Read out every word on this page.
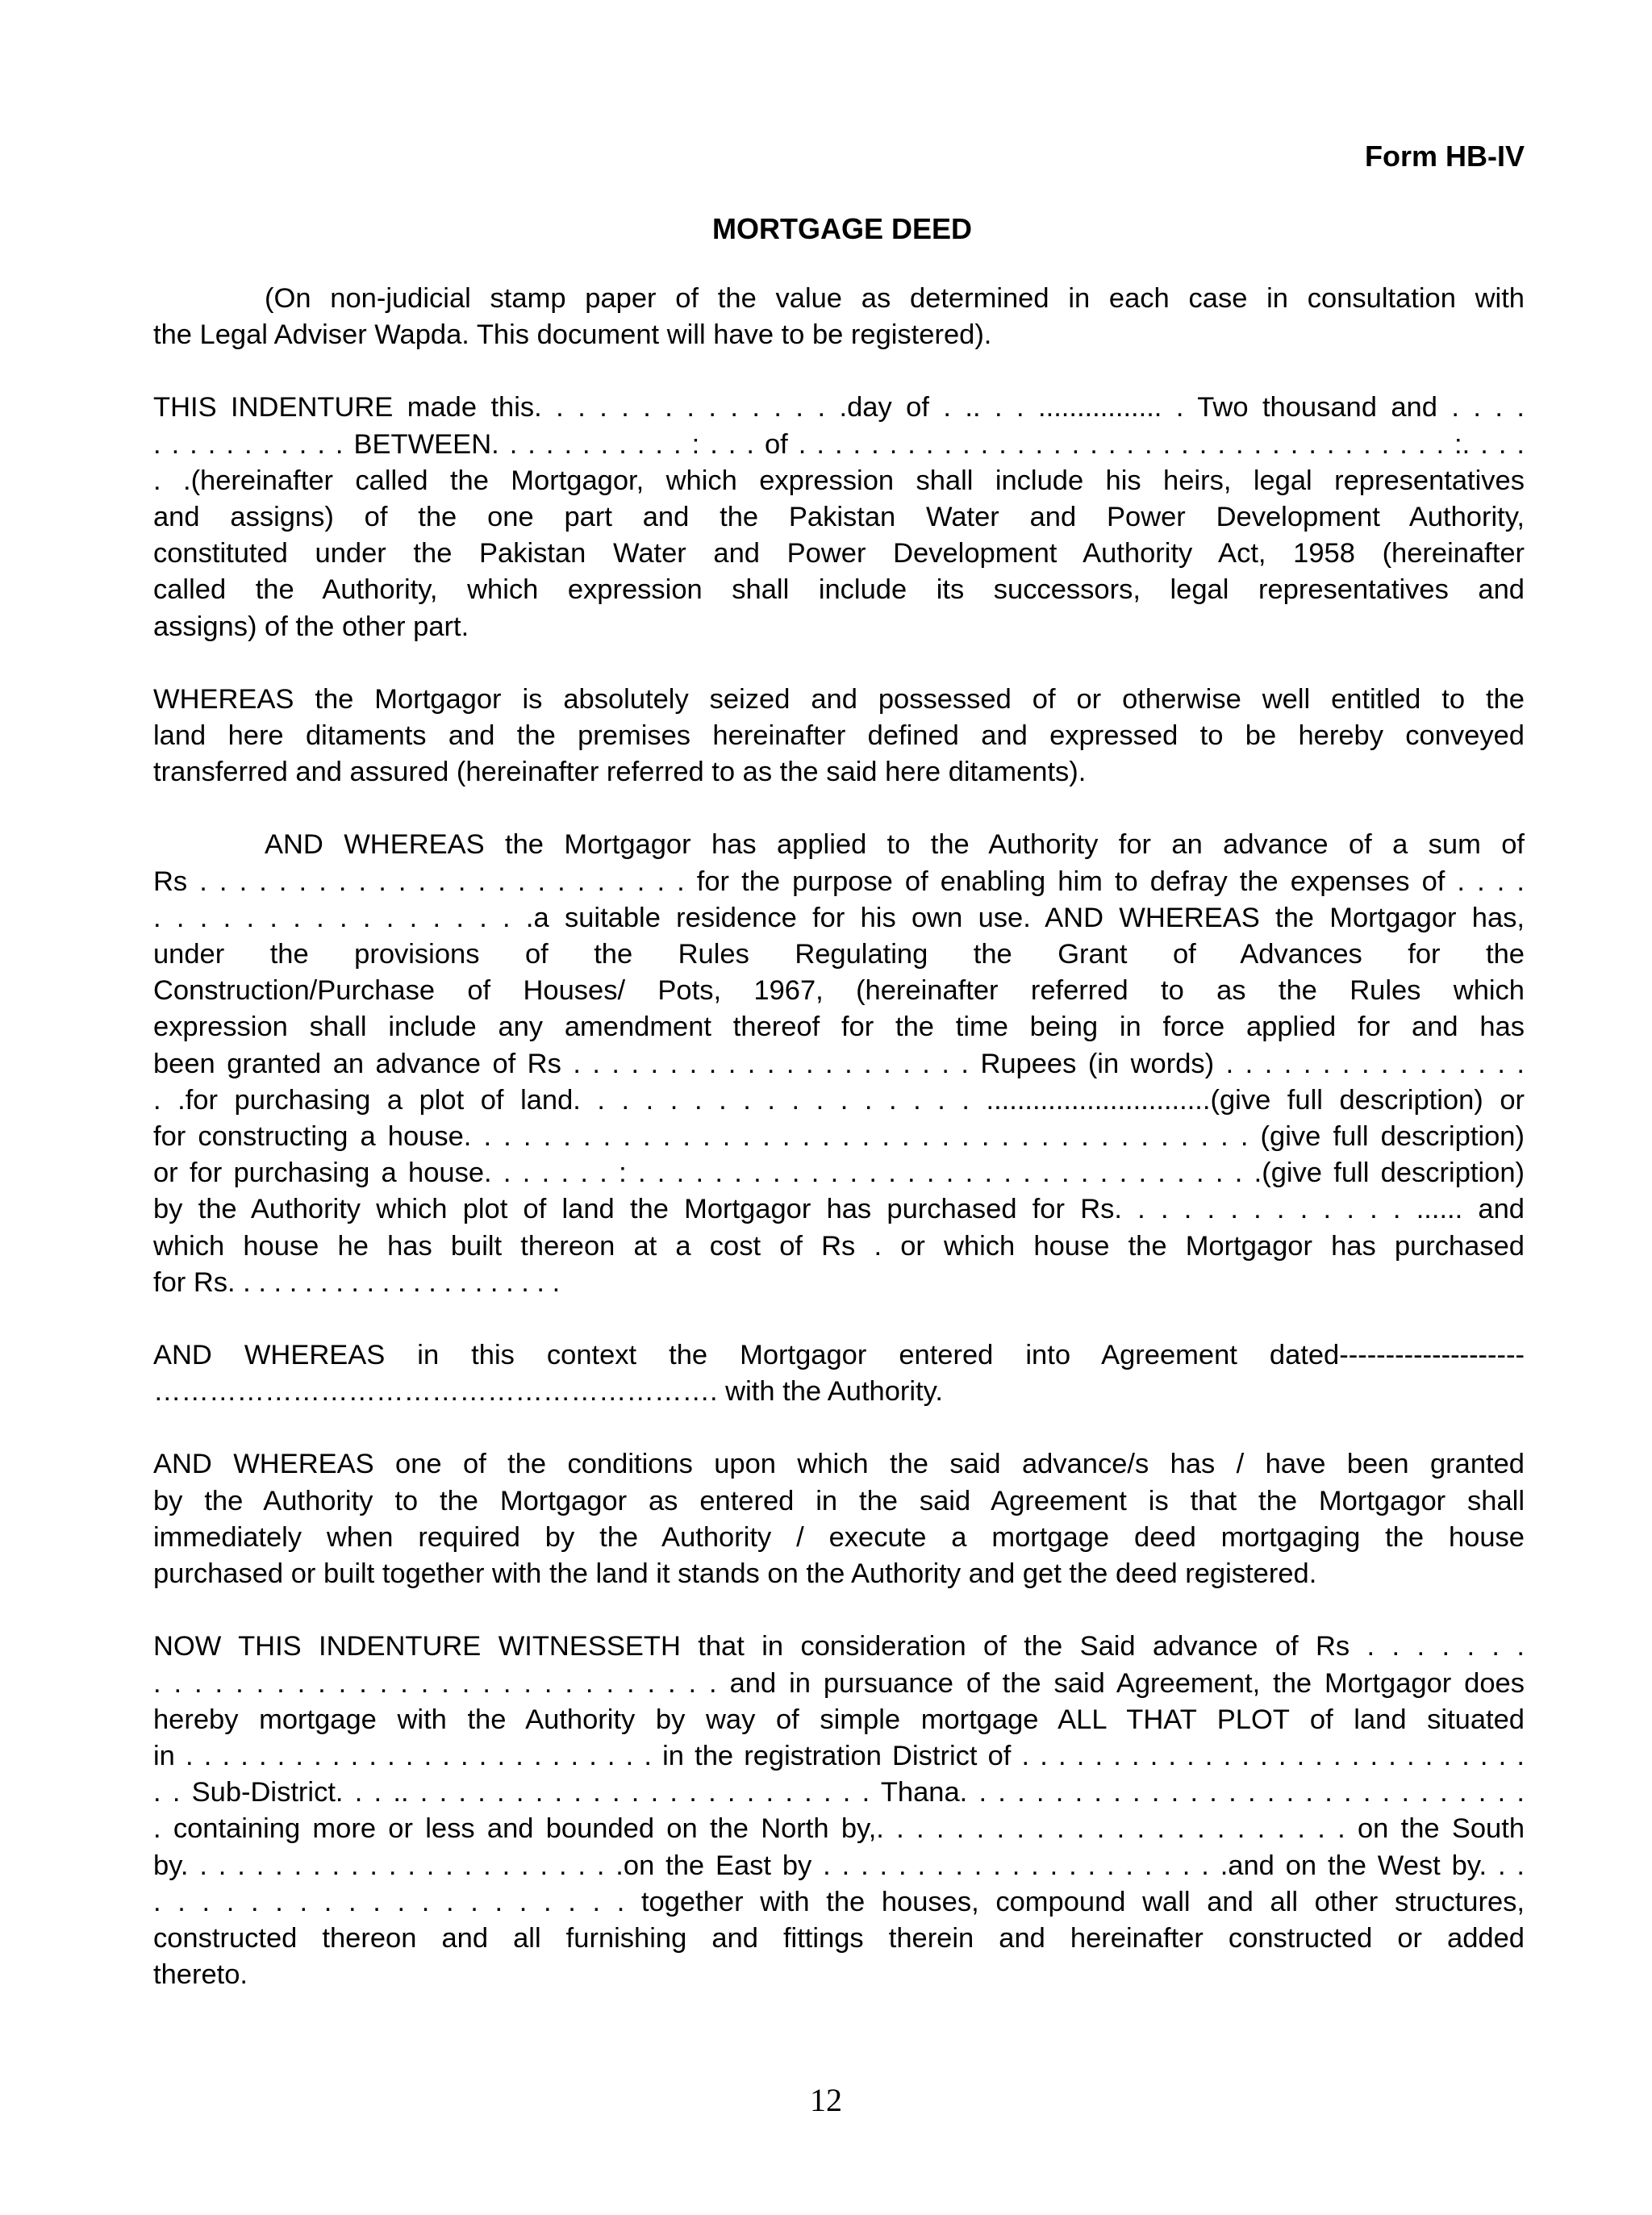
Form HB-IV
MORTGAGE DEED
(On non-judicial stamp paper of the value as determined in each case in consultation with
the Legal Adviser Wapda. This document will have to be registered).
THIS INDENTURE made this. . . . . . . . . . . . . . .day of . .. . . ................ . Two thousand and . . . .
. . . . . . . . . . . BETWEEN. . . . . . . . . . . : . . . of . . . . . . . . . . . . . . . . . . . . . . . . . . . . . . . . . . . . :. . . .
. .(hereinafter called the Mortgagor, which expression shall include his heirs, legal representatives
and assigns) of the one part and the Pakistan Water and Power Development Authority,
constituted under the Pakistan Water and Power Development Authority Act, 1958 (hereinafter
called the Authority, which expression shall include its successors, legal representatives and
assigns) of the other part.
WHEREAS the Mortgagor is absolutely seized and possessed of or otherwise well entitled to the
land here ditaments and the premises hereinafter defined and expressed to be hereby conveyed
transferred and assured (hereinafter referred to as the said here ditaments).
AND WHEREAS the Mortgagor has applied to the Authority for an advance of a sum of
Rs . . . . . . . . . . . . . . . . . . . . . . . . . for the purpose of enabling him to defray the expenses of . . . .
. . . . . . . . . . . . . . . . .a suitable residence for his own use. AND WHEREAS the Mortgagor has,
under the provisions of the Rules Regulating the Grant of Advances for the
Construction/Purchase of Houses/ Pots, 1967, (hereinafter referred to as the Rules which
expression shall include any amendment thereof for the time being in force applied for and has
been granted an advance of Rs . . . . . . . . . . . . . . . . . . . . . Rupees (in words) . . . . . . . . . . . . . . . .
. .for purchasing a plot of land. . . . . . . . . . . . . . . . . .............................(give full description) or
for constructing a house. . . . . . . . . . . . . . . . . . . . . . . . . . . . . . . . . . . . . . . . (give full description)
or for purchasing a house. . . . . . . : . . . . . . . . . . . . . . . . . . . . . . . . . . . . . . . . .(give full description)
by the Authority which plot of land the Mortgagor has purchased for Rs. . . . . . . . . . . . . ...... and
which house he has built thereon at a cost of Rs . or which house the Mortgagor has purchased
for Rs. . . . . . . . . . . . . . . . . . . . . .
AND WHEREAS in this context the Mortgagor entered into Agreement dated--------------------
……………………………………………………. with the Authority.
AND WHEREAS one of the conditions upon which the said advance/s has / have been granted
by the Authority to the Mortgagor as entered in the said Agreement is that the Mortgagor shall
immediately when required by the Authority / execute a mortgage deed mortgaging the house
purchased or built together with the land it stands on the Authority and get the deed registered.
NOW THIS INDENTURE WITNESSETH that in consideration of the Said advance of Rs . . . . . . .
. . . . . . . . . . . . . . . . . . . . . . . . . . . . and in pursuance of the said Agreement, the Mortgagor does
hereby mortgage with the Authority by way of simple mortgage ALL THAT PLOT of land situated
in . . . . . . . . . . . . . . . . . . . . . . . . . . in the registration District of . . . . . . . . . . . . . . . . . . . . . . . . . . . .
. . Sub-District. . . .. . . . . . . . . . . . . . . . . . . . . . . . . Thana. . . . . . . . . . . . . . . . . . . . . . . . . . . . . .
. containing more or less and bounded on the North by,. . . . . . . . . . . . . . . . . . . . . . . . on the South
by. . . . . . . . . . . . . . . . . . . . . . . .on the East by . . . . . . . . . . . . . . . . . . . . . .and on the West by. . .
. . . . . . . . . . . . . . . . . . . . together with the houses, compound wall and all other structures,
constructed thereon and all furnishing and fittings therein and hereinafter constructed or added
thereto.
12
